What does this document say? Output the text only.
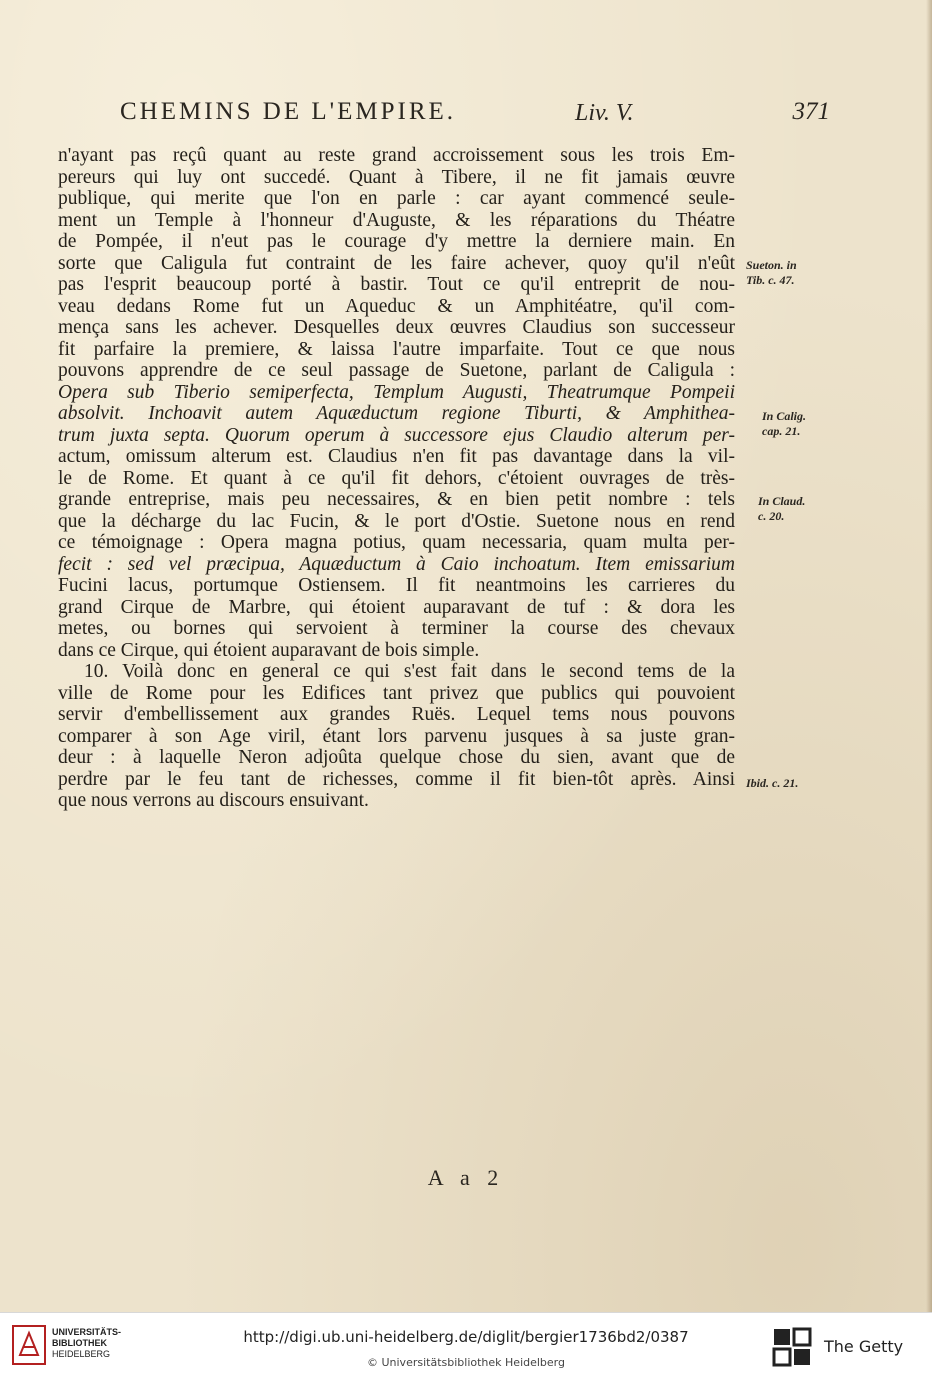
CHEMINS DE L'EMPIRE.	Liv. V.	371
n'ayant pas reçû quant au reste grand accroissement sous les trois Em-
pereurs qui luy ont succedé. Quant à Tibere, il ne fit jamais œuvre
publique, qui merite que l'on en parle : car ayant commencé seule-
ment un Temple à l'honneur d'Auguste, & les réparations du Théatre
de Pompée, il n'eut pas le courage d'y mettre la derniere main. En
sorte que Caligula fut contraint de les faire achever, quoy qu'il n'eût
pas l'esprit beaucoup porté à bastir. Tout ce qu'il entreprit de nou-
veau dedans Rome fut un Aqueduc & un Amphitéatre, qu'il com-
mença sans les achever. Desquelles deux œuvres Claudius son successeur
fit parfaire la premiere, & laissa l'autre imparfaite. Tout ce que nous
pouvons apprendre de ce seul passage de Suetone, parlant de Caligula :
Opera sub Tiberio semiperfecta, Templum Augusti, Theatrumque Pompeii
absolvit. Inchoavit autem Aquæductum regione Tiburti, & Amphithea-
trum juxta septa. Quorum operum à successore ejus Claudio alterum per-
actum, omissum alterum est. Claudius n'en fit pas davantage dans la vil-
le de Rome. Et quant à ce qu'il fit dehors, c'étoient ouvrages de très-
grande entreprise, mais peu necessaires, & en bien petit nombre : tels
que la décharge du lac Fucin, & le port d'Ostie. Suetone nous en rend
ce témoignage : Opera magna potius, quam necessaria, quam multa per-
fecit : sed vel præcipua, Aquæductum à Caio inchoatum. Item emissarium
Fucini lacus, portumque Ostiensem. Il fit neantmoins les carrieres du
grand Cirque de Marbre, qui étoient auparavant de tuf : & dora les
metes, ou bornes qui servoient à terminer la course des chevaux
dans ce Cirque, qui étoient auparavant de bois simple.
10. Voilà donc en general ce qui s'est fait dans le second tems de la
ville de Rome pour les Edifices tant privez que publics qui pouvoient
servir d'embellissement aux grandes Ruës. Lequel tems nous pouvons
comparer à son Age viril, étant lors parvenu jusques à sa juste gran-
deur : à laquelle Neron adjoûta quelque chose du sien, avant que de
perdre par le feu tant de richesses, comme il fit bien-tôt après. Ainsi
que nous verrons au discours ensuivant.
Sueton. in
Tib. c. 47.
In Calig.
cap. 21.
In Claud.
c. 20.
Ibid. c. 21.
A a 2
UNIVERSITÄTS-
BIBLIOTHEK
HEIDELBERG
http://digi.ub.uni-heidelberg.de/diglit/bergier1736bd2/0387
© Universitätsbibliothek Heidelberg
The Getty
